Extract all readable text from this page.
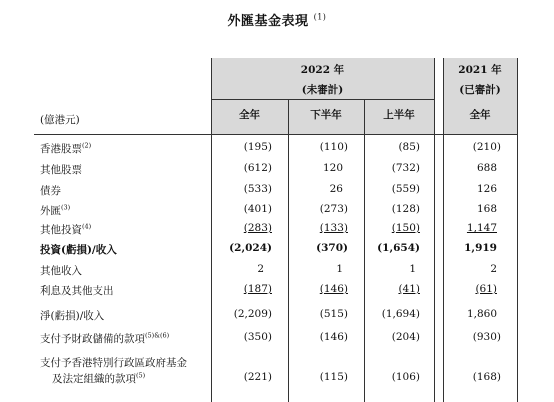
外匯基金表現 $^{(1)}$
2022 年
(未審計)
2021 年
(已審計)
全年	下半年	上半年	全年
(億港元)
香港股票$^{(2)}$	(195)	(110)	(85)	(210)
其他股票	(612)	120	(732)	688
債券	(533)	26	(559)	126
外匯$^{(3)}$	(401)	(273)	(128)	168
其他投資$^{(4)}$	(283)	(133)	(150)	1,147
投資(虧損)/收入	(2,024)	(370)	(1,654)	1,919
其他收入	2	1	1	2
利息及其他支出	(187)	(146)	(41)	(61)
淨(虧損)/收入	(2,209)	(515)	(1,694)	1,860
支付予財政儲備的款項$^{(5)\&(6)}$	(350)	(146)	(204)	(930)
支付予香港特別行政區政府基金
及法定組織的款項$^{(5)}$	(221)	(115)	(106)	(168)
